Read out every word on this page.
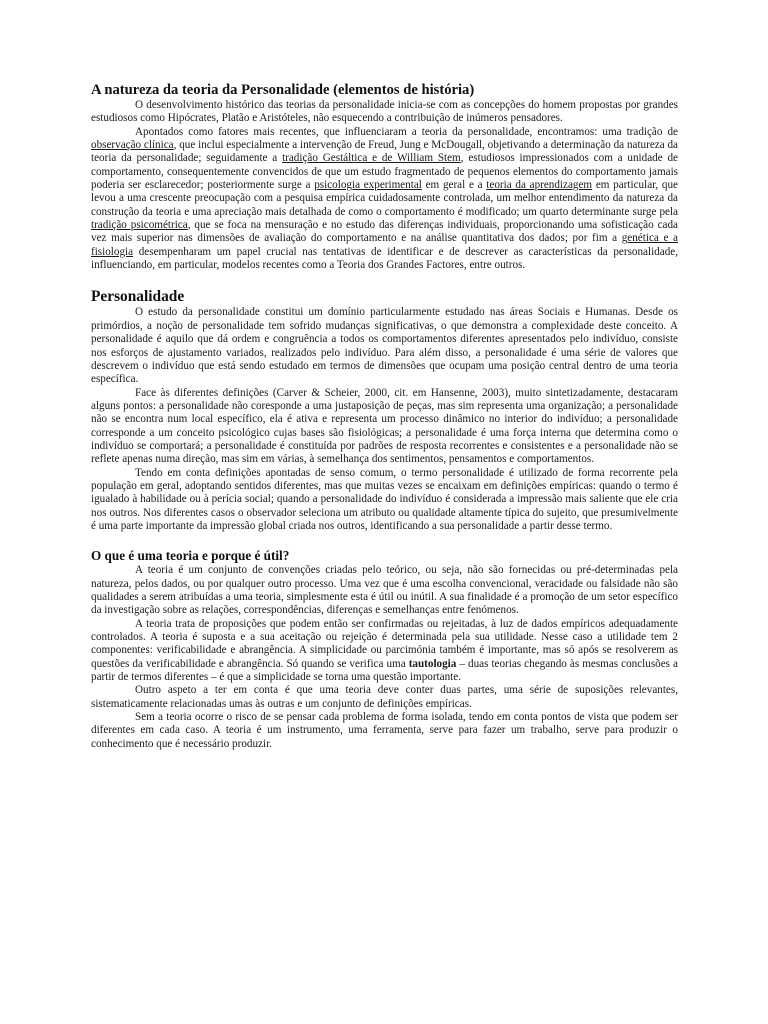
A natureza da teoria da Personalidade (elementos de história)

O desenvolvimento histórico das teorias da personalidade inicia-se com as concepções do homem propostas por grandes estudiosos como Hipócrates, Platão e Aristóteles, não esquecendo a contribuição de inúmeros pensadores.

Apontados como fatores mais recentes, que influenciaram a teoria da personalidade, encontramos: uma tradição de observação clínica, que inclui especialmente a intervenção de Freud, Jung e McDougall, objetivando a determinação da natureza da teoria da personalidade; seguidamente a tradição Gestáltica e de William Stem, estudiosos impressionados com a unidade de comportamento, consequentemente convencidos de que um estudo fragmentado de pequenos elementos do comportamento jamais poderia ser esclarecedor; posteriormente surge a psicologia experimental em geral e a teoria da aprendizagem em particular, que levou a uma crescente preocupação com a pesquisa empírica cuidadosamente controlada, um melhor entendimento da natureza da construção da teoria e uma apreciação mais detalhada de como o comportamento é modificado; um quarto determinante surge pela tradição psicométrica, que se foca na mensuração e no estudo das diferenças individuais, proporcionando uma sofisticação cada vez mais superior nas dimensões de avaliação do comportamento e na análise quantitativa dos dados; por fim a genética e a fisiologia desempenharam um papel crucial nas tentativas de identificar e de descrever as características da personalidade, influenciando, em particular, modelos recentes como a Teoria dos Grandes Factores, entre outros.

Personalidade

O estudo da personalidade constitui um domínio particularmente estudado nas áreas Sociais e Humanas. Desde os primórdios, a noção de personalidade tem sofrido mudanças significativas, o que demonstra a complexidade deste conceito. A personalidade é aquilo que dá ordem e congruência a todos os comportamentos diferentes apresentados pelo indivíduo, consiste nos esforços de ajustamento variados, realizados pelo indivíduo. Para além disso, a personalidade é uma série de valores que descrevem o indivíduo que está sendo estudado em termos de dimensões que ocupam uma posição central dentro de uma teoria específica.

Face às diferentes definições (Carver & Scheier, 2000, cit. em Hansenne, 2003), muito sintetizadamente, destacaram alguns pontos: a personalidade não coresponde a uma justaposição de peças, mas sim representa uma organização; a personalidade não se encontra num local específico, ela é ativa e representa um processo dinâmico no interior do indivíduo; a personalidade corresponde a um conceito psicológico cujas bases são fisiológicas; a personalidade é uma força interna que determina como o indivíduo se comportará; a personalidade é constituída por padrões de resposta recorrentes e consistentes e a personalidade não se reflete apenas numa direção, mas sim em várias, à semelhança dos sentimentos, pensamentos e comportamentos.

Tendo em conta definições apontadas de senso comum, o termo personalidade é utilizado de forma recorrente pela população em geral, adoptando sentidos diferentes, mas que muitas vezes se encaixam em definições empíricas: quando o termo é igualado à habilidade ou à perícia social; quando a personalidade do indivíduo é considerada a impressão mais saliente que ele cria nos outros. Nos diferentes casos o observador seleciona um atributo ou qualidade altamente típica do sujeito, que presumivelmente é uma parte importante da impressão global criada nos outros, identificando a sua personalidade a partir desse termo.

O que é uma teoria e porque é útil?

A teoria é um conjunto de convenções criadas pelo teórico, ou seja, não são fornecidas ou pré-determinadas pela natureza, pelos dados, ou por qualquer outro processo. Uma vez que é uma escolha convencional, veracidade ou falsidade não são qualidades a serem atribuídas a uma teoria, simplesmente esta é útil ou inútil. A sua finalidade é a promoção de um setor específico da investigação sobre as relações, correspondências, diferenças e semelhanças entre fenómenos.

A teoria trata de proposições que podem então ser confirmadas ou rejeitadas, à luz de dados empíricos adequadamente controlados. A teoria é suposta e a sua aceitação ou rejeição é determinada pela sua utilidade. Nesse caso a utilidade tem 2 componentes: verificabilidade e abrangência. A simplicidade ou parcimónia também é importante, mas só após se resolverem as questões da verificabilidade e abrangência. Só quando se verifica uma tautologia – duas teorias chegando às mesmas conclusões a partir de termos diferentes – é que a simplicidade se torna uma questão importante.

Outro aspeto a ter em conta é que uma teoria deve conter duas partes, uma série de suposições relevantes, sistematicamente relacionadas umas às outras e um conjunto de definições empíricas.

Sem a teoria ocorre o risco de se pensar cada problema de forma isolada, tendo em conta pontos de vista que podem ser diferentes em cada caso. A teoria é um instrumento, uma ferramenta, serve para fazer um trabalho, serve para produzir o conhecimento que é necessário produzir.
